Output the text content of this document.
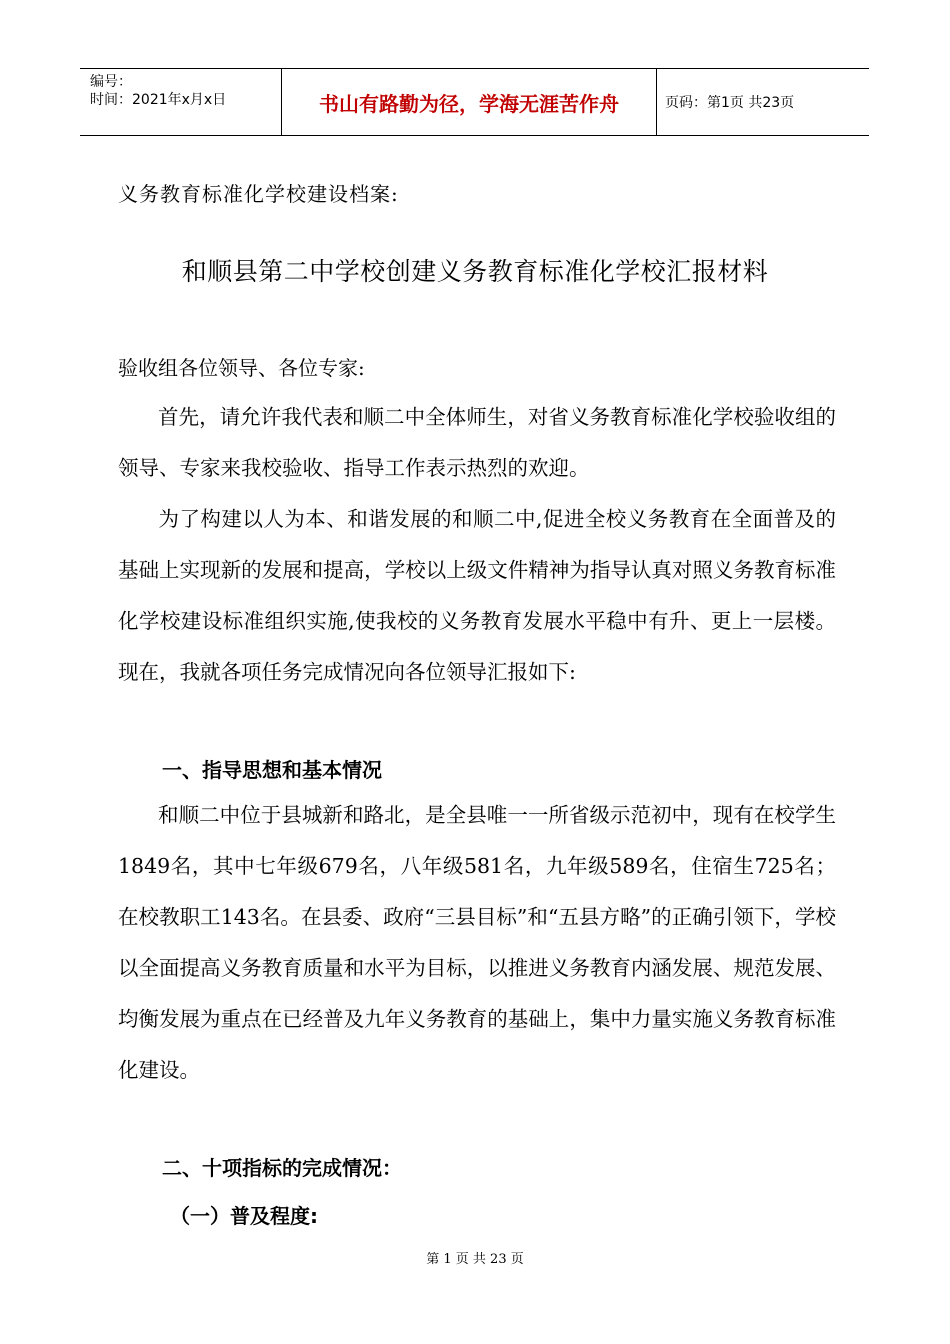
编号：
时间：2021年x月x日	书山有路勤为径，学海无涯苦作舟	页码：第1页 共23页
义务教育标准化学校建设档案:
和顺县第二中学校创建义务教育标准化学校汇报材料
验收组各位领导、各位专家:
首先，请允许我代表和顺二中全体师生，对省义务教育标准化学校验收组的领导、专家来我校验收、指导工作表示热烈的欢迎。
为了构建以人为本、和谐发展的和顺二中,促进全校义务教育在全面普及的基础上实现新的发展和提高，学校以上级文件精神为指导认真对照义务教育标准化学校建设标准组织实施,使我校的义务教育发展水平稳中有升、更上一层楼。现在，我就各项任务完成情况向各位领导汇报如下:
一、指导思想和基本情况
和顺二中位于县城新和路北，是全县唯一一所省级示范初中，现有在校学生1849名，其中七年级679名，八年级581名，九年级589名，住宿生725名；在校教职工143名。在县委、政府“三县目标”和“五县方略”的正确引领下，学校以全面提高义务教育质量和水平为目标，以推进义务教育内涵发展、规范发展、均衡发展为重点在已经普及九年义务教育的基础上，集中力量实施义务教育标准化建设。
二、十项指标的完成情况：
（一）普及程度:
第 1 页 共 23 页
